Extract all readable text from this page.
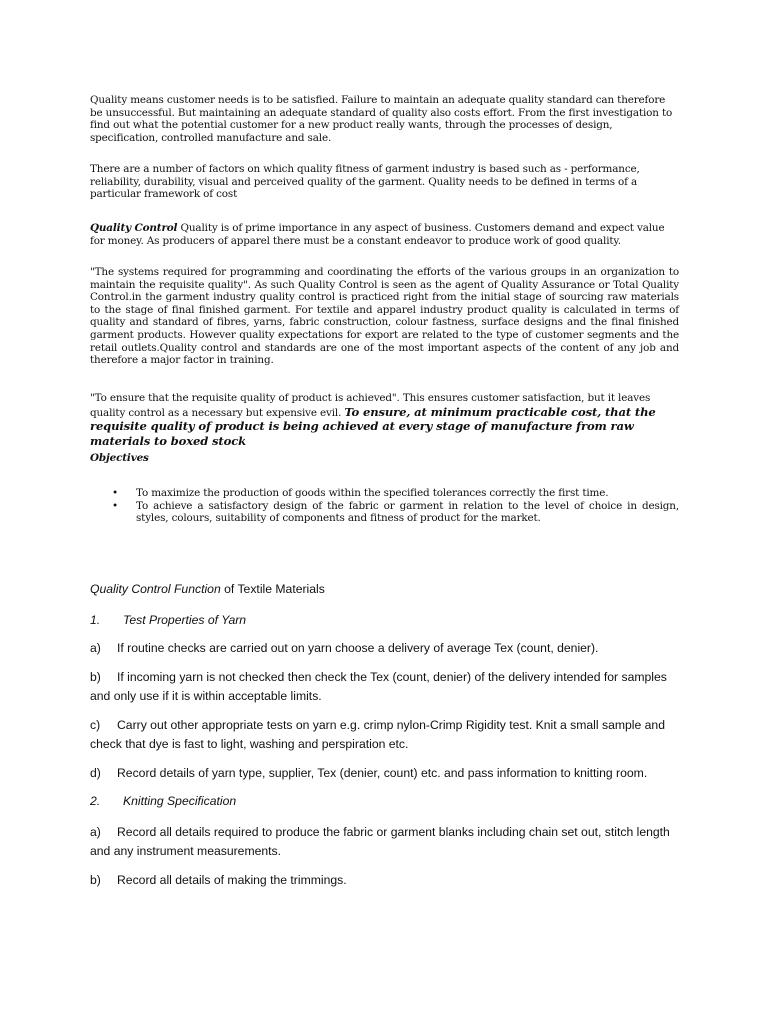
Quality means customer needs is to be satisfied. Failure to maintain an adequate quality standard can therefore be unsuccessful. But maintaining an adequate standard of quality also costs effort. From the first investigation to find out what the potential customer for a new product really wants, through the processes of design, specification, controlled manufacture and sale.

There are a number of factors on which quality fitness of garment industry is based such as - performance, reliability, durability, visual and perceived quality of the garment. Quality needs to be defined in terms of a particular framework of cost

Quality Control Quality is of prime importance in any aspect of business. Customers demand and expect value for money. As producers of apparel there must be a constant endeavor to produce work of good quality.

"The systems required for programming and coordinating the efforts of the various groups in an organization to maintain the requisite quality". As such Quality Control is seen as the agent of Quality Assurance or Total Quality Control.in the garment industry quality control is practiced right from the initial stage of sourcing raw materials to the stage of final finished garment. For textile and apparel industry product quality is calculated in terms of quality and standard of fibres, yarns, fabric construction, colour fastness, surface designs and the final finished garment products. However quality expectations for export are related to the type of customer segments and the retail outlets.Quality control and standards are one of the most important aspects of the content of any job and therefore a major factor in training.

"To ensure that the requisite quality of product is achieved". This ensures customer satisfaction, but it leaves quality control as a necessary but expensive evil. To ensure, at minimum practicable cost, that the requisite quality of product is being achieved at every stage of manufacture from raw materials to boxed stock

Objectives

• To maximize the production of goods within the specified tolerances correctly the first time.
• To achieve a satisfactory design of the fabric or garment in relation to the level of choice in design, styles, colours, suitability of components and fitness of product for the market.

Quality Control Function of Textile Materials

1. Test Properties of Yarn

a) If routine checks are carried out on yarn choose a delivery of average Tex (count, denier).

b) If incoming yarn is not checked then check the Tex (count, denier) of the delivery intended for samples and only use if it is within acceptable limits.

c) Carry out other appropriate tests on yarn e.g. crimp nylon-Crimp Rigidity test. Knit a small sample and check that dye is fast to light, washing and perspiration etc.

d) Record details of yarn type, supplier, Tex (denier, count) etc. and pass information to knitting room.

2. Knitting Specification

a) Record all details required to produce the fabric or garment blanks including chain set out, stitch length and any instrument measurements.

b) Record all details of making the trimmings.
